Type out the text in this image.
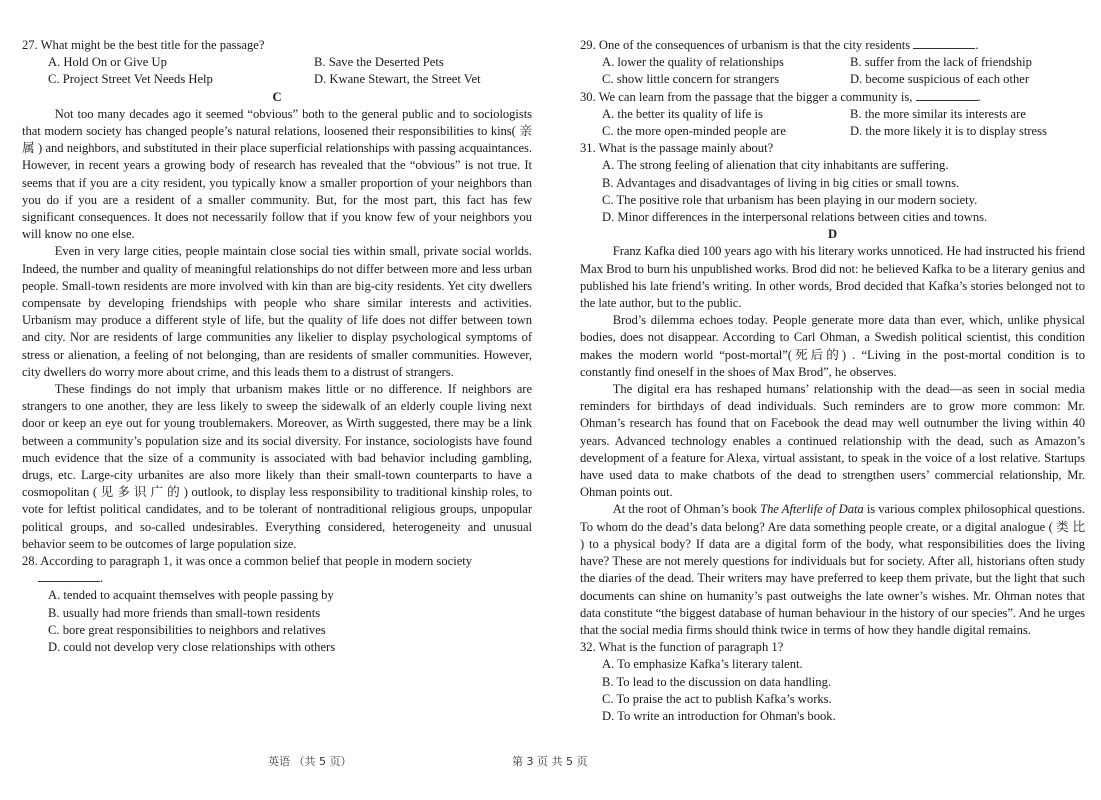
27. What might be the best title for the passage?

A. Hold On or Give Up	B. Save the Deserted Pets
C. Project Street Vet Needs Help	D. Kwane Stewart, the Street Vet

C

Not too many decades ago it seemed “obvious” both to the general public and to sociologists that modern society has changed people’s natural relations, loosened their responsibilities to kins( 亲 属 ) and neighbors, and substituted in their place superficial relationships with passing acquaintances. However, in recent years a growing body of research has revealed that the “obvious” is not true. It seems that if you are a city resident, you typically know a smaller proportion of your neighbors than you do if you are a resident of a smaller community. But, for the most part, this fact has few significant consequences. It does not necessarily follow that if you know few of your neighbors you will know no one else.

Even in very large cities, people maintain close social ties within small, private social worlds. Indeed, the number and quality of meaningful relationships do not differ between more and less urban people. Small-town residents are more involved with kin than are big-city residents. Yet city dwellers compensate by developing friendships with people who share similar interests and activities. Urbanism may produce a different style of life, but the quality of life does not differ between town and city. Nor are residents of large communities any likelier to display psychological symptoms of stress or alienation, a feeling of not belonging, than are residents of smaller communities. However, city dwellers do worry more about crime, and this leads them to a distrust of strangers.

These findings do not imply that urbanism makes little or no difference. If neighbors are strangers to one another, they are less likely to sweep the sidewalk of an elderly couple living next door or keep an eye out for young troublemakers. Moreover, as Wirth suggested, there may be a link between a community’s population size and its social diversity. For instance, sociologists have found much evidence that the size of a community is associated with bad behavior including gambling, drugs, etc. Large-city urbanites are also more likely than their small-town counterparts to have a cosmopolitan ( 见 多 识 广 的 ) outlook, to display less responsibility to traditional kinship roles, to vote for leftist political candidates, and to be tolerant of nontraditional religious groups, unpopular political groups, and so-called undesirables. Everything considered, heterogeneity and unusual behavior seem to be outcomes of large population size.

28. According to paragraph 1, it was once a common belief that people in modern society

.
A. tended to acquaint themselves with people passing by
B. usually had more friends than small-town residents
C. bore great responsibilities to neighbors and relatives
D. could not develop very close relationships with others

29. One of the consequences of urbanism is that the city residents	.

A. lower the quality of relationships	B. suffer from the lack of friendship
C. show little concern for strangers	D. become suspicious of each other

30. We can learn from the passage that the bigger a community is,	.

A. the better its quality of life is	B. the more similar its interests are
C. the more open-minded people are	D. the more likely it is to display stress

31. What is the passage mainly about?

A. The strong feeling of alienation that city inhabitants are suffering.
B. Advantages and disadvantages of living in big cities or small towns.
C. The positive role that urbanism has been playing in our modern society.
D. Minor differences in the interpersonal relations between cities and towns.

D

Franz Kafka died 100 years ago with his literary works unnoticed. He had instructed his friend Max Brod to burn his unpublished works. Brod did not: he believed Kafka to be a literary genius and published his late friend’s writing. In other words, Brod decided that Kafka’s stories belonged not to the late author, but to the public.

Brod’s dilemma echoes today. People generate more data than ever, which, unlike physical bodies, does not disappear. According to Carl Ohman, a Swedish political scientist, this condition makes the modern world “post-mortal”(死后的) . “Living in the post-mortal condition is to constantly find oneself in the shoes of Max Brod”, he observes.

The digital era has reshaped humans’ relationship with the dead—as seen in social media reminders for birthdays of dead individuals. Such reminders are to grow more common: Mr. Ohman’s research has found that on Facebook the dead may well outnumber the living within 40 years. Advanced technology enables a continued relationship with the dead, such as Amazon’s development of a feature for Alexa, virtual assistant, to speak in the voice of a lost relative. Startups have used data to make chatbots of the dead to strengthen users’ commercial relationship, Mr. Ohman points out.

At the root of Ohman’s book The Afterlife of Data is various complex philosophical questions. To whom do the dead’s data belong? Are data something people create, or a digital analogue ( 类 比 ) to a physical body? If data are a digital form of the body, what responsibilities does the living have? These are not merely questions for individuals but for society. After all, historians often study the diaries of the dead. Their writers may have preferred to keep them private, but the light that such documents can shine on humanity’s past outweighs the late owner’s wishes. Mr. Ohman notes that data constitute “the biggest database of human behaviour in the history of our species”. And he urges that the social media firms should think twice in terms of how they handle digital remains.

32. What is the function of paragraph 1?

A. To emphasize Kafka’s literary talent.
B. To lead to the discussion on data handling.
C. To praise the act to publish Kafka’s works.
D. To write an introduction for Ohman's book.
英语 （共 5 页）	第 3 页 共 5 页
